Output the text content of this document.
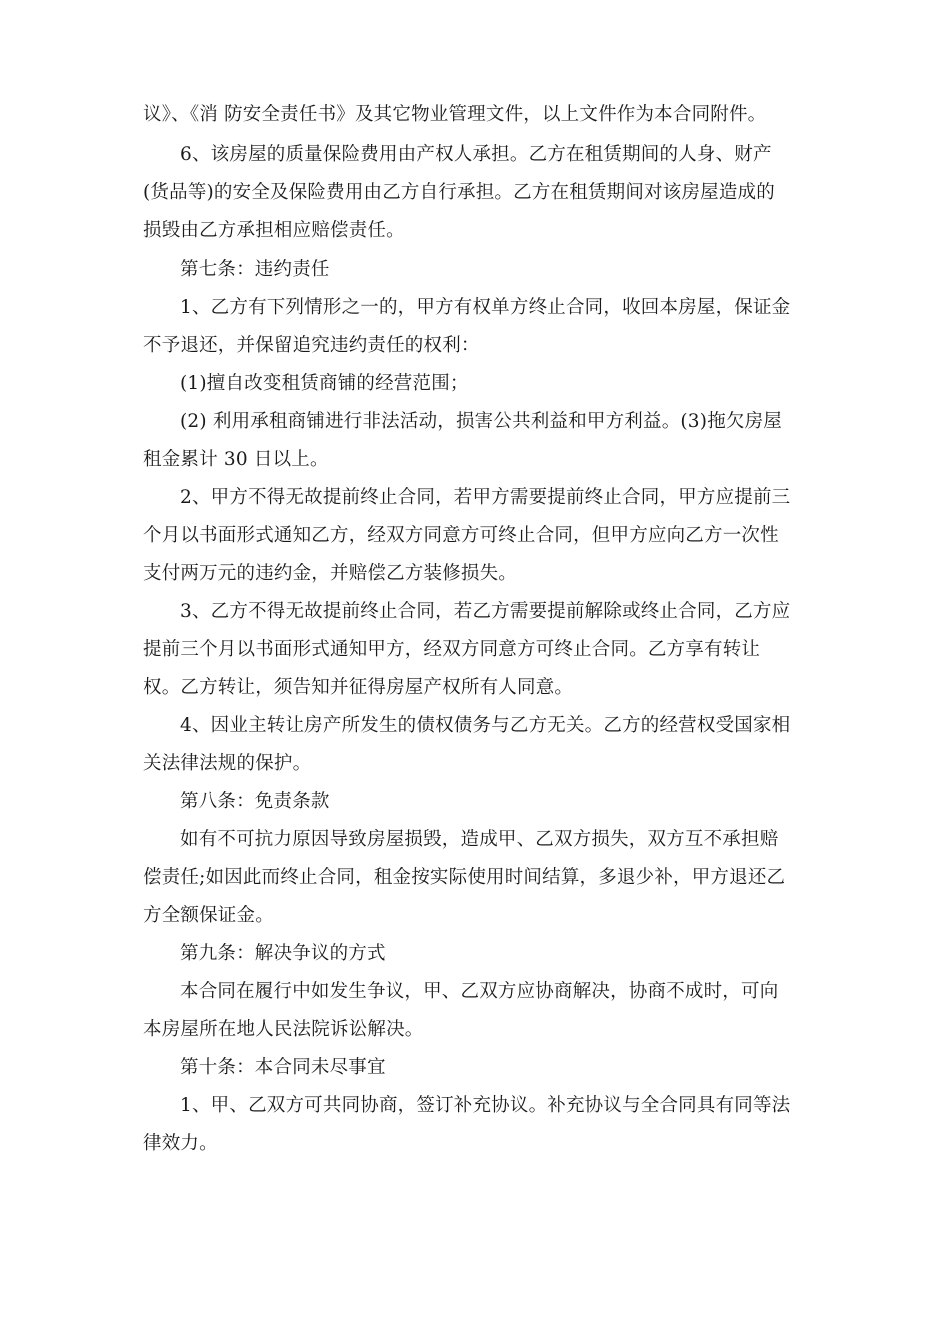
议》、《消 防安全责任书》及其它物业管理文件，以上文件作为本合同附件。
6、该房屋的质量保险费用由产权人承担。乙方在租赁期间的人身、财产
(货品等)的安全及保险费用由乙方自行承担。乙方在租赁期间对该房屋造成的
损毁由乙方承担相应赔偿责任。
第七条：违约责任
1、乙方有下列情形之一的，甲方有权单方终止合同，收回本房屋，保证金
不予退还，并保留追究违约责任的权利：
(1)擅自改变租赁商铺的经营范围；
(2) 利用承租商铺进行非法活动，损害公共利益和甲方利益。(3)拖欠房屋
租金累计 30 日以上。
2、甲方不得无故提前终止合同，若甲方需要提前终止合同，甲方应提前三
个月以书面形式通知乙方，经双方同意方可终止合同，但甲方应向乙方一次性
支付两万元的违约金，并赔偿乙方装修损失。
3、乙方不得无故提前终止合同，若乙方需要提前解除或终止合同，乙方应
提前三个月以书面形式通知甲方，经双方同意方可终止合同。乙方享有转让
权。乙方转让，须告知并征得房屋产权所有人同意。
4、因业主转让房产所发生的债权债务与乙方无关。乙方的经营权受国家相
关法律法规的保护。
第八条：免责条款
如有不可抗力原因导致房屋损毁，造成甲、乙双方损失，双方互不承担赔
偿责任;如因此而终止合同，租金按实际使用时间结算，多退少补，甲方退还乙
方全额保证金。
第九条：解决争议的方式
本合同在履行中如发生争议，甲、乙双方应协商解决，协商不成时，可向
本房屋所在地人民法院诉讼解决。
第十条：本合同未尽事宜
1、甲、乙双方可共同协商，签订补充协议。补充协议与全合同具有同等法
律效力。
